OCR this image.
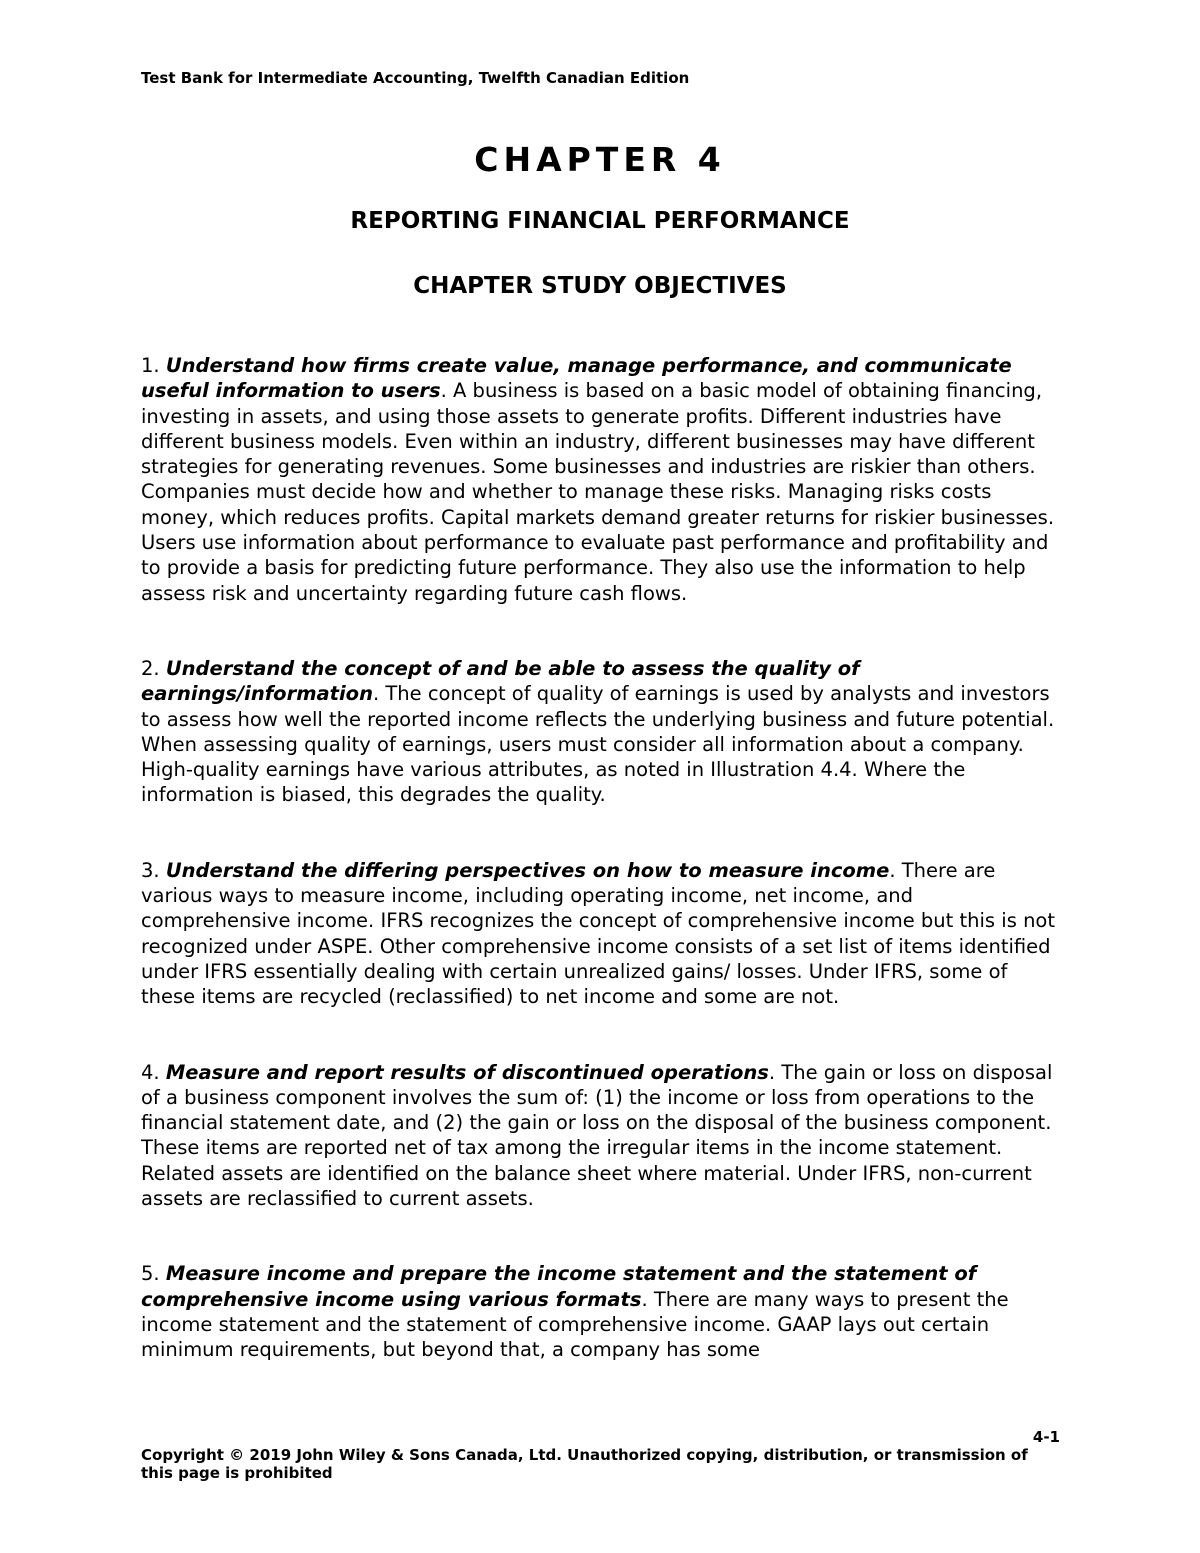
Test Bank for Intermediate Accounting, Twelfth Canadian Edition
CHAPTER 4
REPORTING FINANCIAL PERFORMANCE
CHAPTER STUDY OBJECTIVES

1. Understand how firms create value, manage performance, and communicate useful information to users. A business is based on a basic model of obtaining financing, investing in assets, and using those assets to generate profits. Different industries have different business models. Even within an industry, different businesses may have different strategies for generating revenues. Some businesses and industries are riskier than others. Companies must decide how and whether to manage these risks. Managing risks costs money, which reduces profits. Capital markets demand greater returns for riskier businesses. Users use information about performance to evaluate past performance and profitability and to provide a basis for predicting future performance. They also use the information to help assess risk and uncertainty regarding future cash flows.

2. Understand the concept of and be able to assess the quality of earnings/information. The concept of quality of earnings is used by analysts and investors to assess how well the reported income reflects the underlying business and future potential. When assessing quality of earnings, users must consider all information about a company. High-quality earnings have various attributes, as noted in Illustration 4.4. Where the information is biased, this degrades the quality.

3. Understand the differing perspectives on how to measure income. There are various ways to measure income, including operating income, net income, and comprehensive income. IFRS recognizes the concept of comprehensive income but this is not recognized under ASPE. Other comprehensive income consists of a set list of items identified under IFRS essentially dealing with certain unrealized gains/ losses. Under IFRS, some of these items are recycled (reclassified) to net income and some are not.

4. Measure and report results of discontinued operations. The gain or loss on disposal of a business component involves the sum of: (1) the income or loss from operations to the financial statement date, and (2) the gain or loss on the disposal of the business component. These items are reported net of tax among the irregular items in the income statement. Related assets are identified on the balance sheet where material. Under IFRS, non-current assets are reclassified to current assets.

5. Measure income and prepare the income statement and the statement of comprehensive income using various formats. There are many ways to present the income statement and the statement of comprehensive income. GAAP lays out certain minimum requirements, but beyond that, a company has some

4-1
Copyright © 2019 John Wiley & Sons Canada, Ltd. Unauthorized copying, distribution, or transmission of this page is prohibited
